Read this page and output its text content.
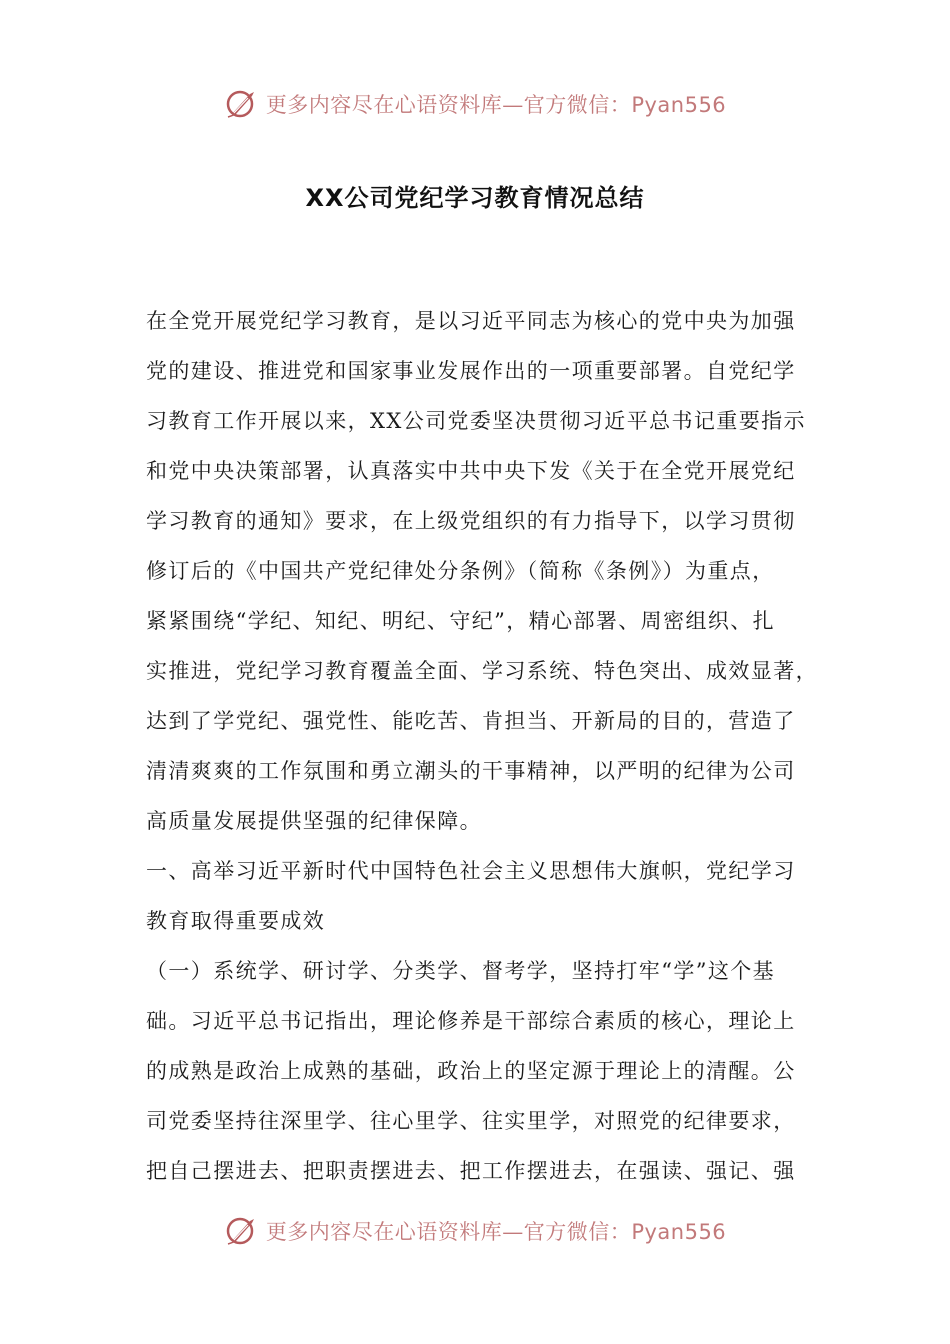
更多内容尽在心语资料库—官方微信：Pyan556
XX公司党纪学习教育情况总结
在全党开展党纪学习教育，是以习近平同志为核心的党中央为加强
党的建设、推进党和国家事业发展作出的一项重要部署。自党纪学
习教育工作开展以来，XX公司党委坚决贯彻习近平总书记重要指示
和党中央决策部署，认真落实中共中央下发《关于在全党开展党纪
学习教育的通知》要求，在上级党组织的有力指导下，以学习贯彻
修订后的《中国共产党纪律处分条例》（简称《条例》）为重点，
紧紧围绕“学纪、知纪、明纪、守纪”，精心部署、周密组织、扎
实推进，党纪学习教育覆盖全面、学习系统、特色突出、成效显著，
达到了学党纪、强党性、能吃苦、肯担当、开新局的目的，营造了
清清爽爽的工作氛围和勇立潮头的干事精神，以严明的纪律为公司
高质量发展提供坚强的纪律保障。
一、高举习近平新时代中国特色社会主义思想伟大旗帜，党纪学习
教育取得重要成效
（一）系统学、研讨学、分类学、督考学，坚持打牢“学”这个基
础。习近平总书记指出，理论修养是干部综合素质的核心，理论上
的成熟是政治上成熟的基础，政治上的坚定源于理论上的清醒。公
司党委坚持往深里学、往心里学、往实里学，对照党的纪律要求，
把自己摆进去、把职责摆进去、把工作摆进去，在强读、强记、强
更多内容尽在心语资料库—官方微信：Pyan556
